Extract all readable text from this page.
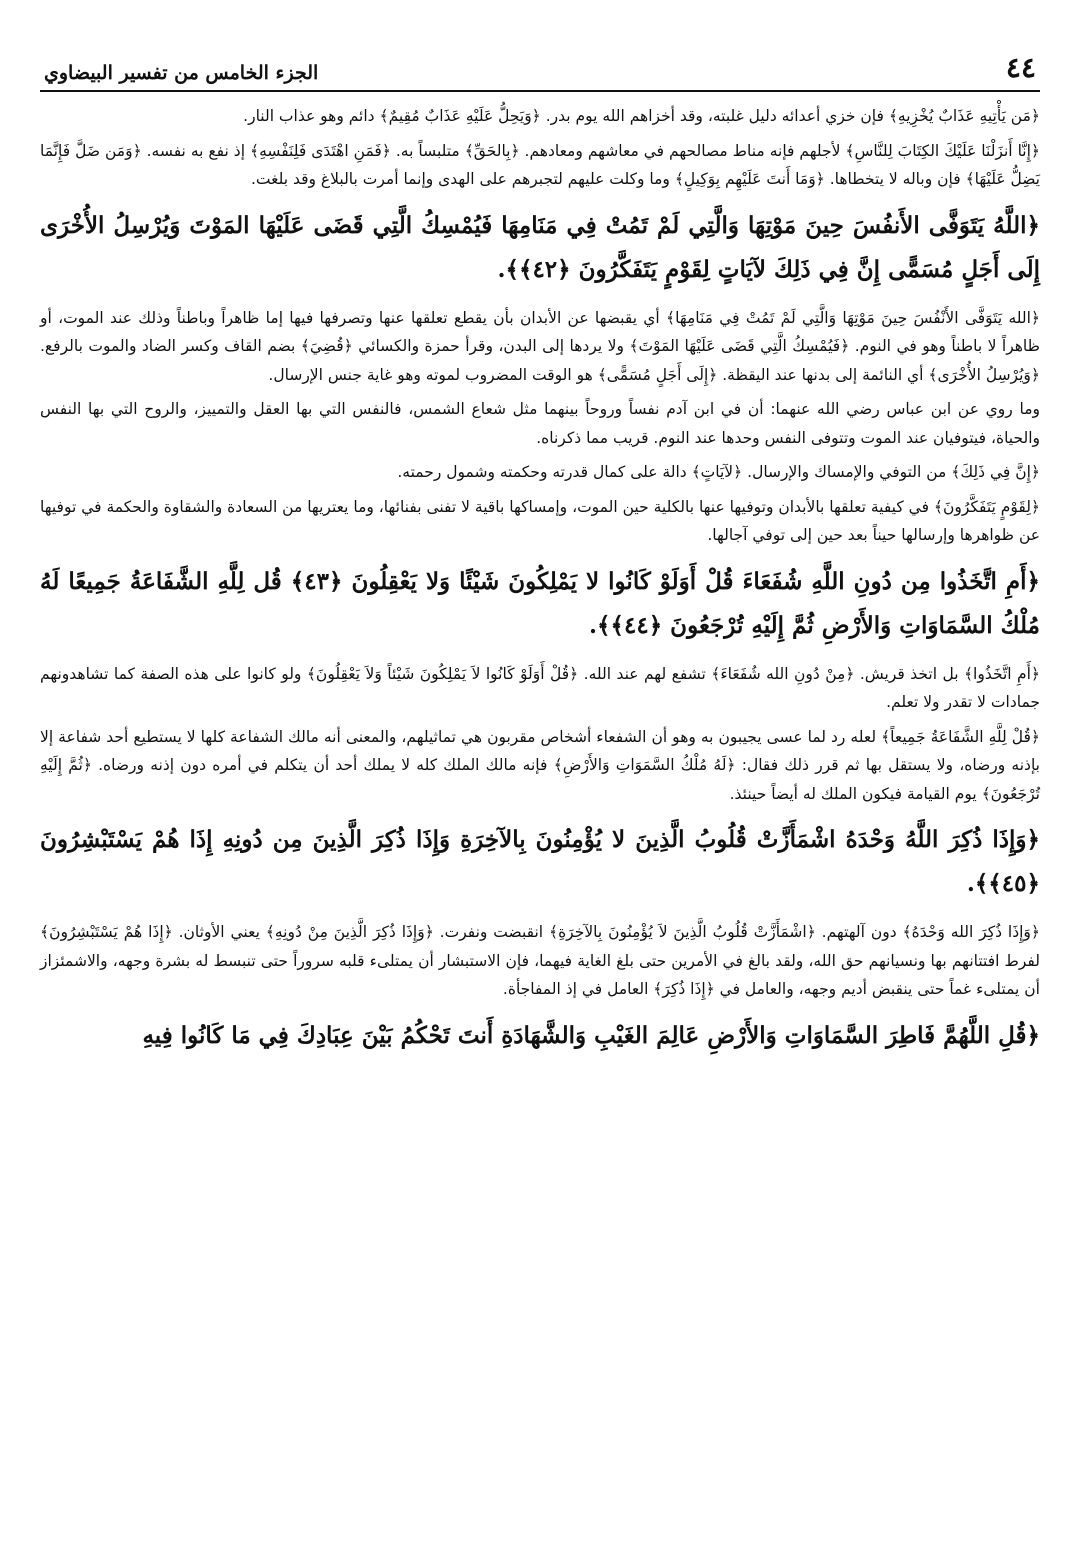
٤٤
الجزء الخامس من تفسير البيضاوي

﴿مَن يَأْتِيهِ عَذَابٌ يُخْزِيهِ﴾ فإن خزي أعدائه دليل غلبته، وقد أخزاهم الله يوم بدر. ﴿وَيَحِلُّ عَلَيْهِ عَذَابٌ مُقِيمٌ﴾ دائم وهو عذاب النار.

﴿إِنَّا أَنزَلْنَا عَلَيْكَ الكِتَابَ لِلنَّاسِ﴾ لأجلهم فإنه مناط مصالحهم في معاشهم ومعادهم. ﴿بِالحَقِّ﴾ متلبساً به. ﴿فَمَنِ اهْتَدَى فَلِنَفْسِهِ﴾ إذ نفع به نفسه. ﴿وَمَن ضَلَّ فَإِنَّمَا يَضِلُّ عَلَيْهَا﴾ فإن وباله لا يتخطاها. ﴿وَمَا أَنتَ عَلَيْهِم بِوَكِيلٍ﴾ وما وكلت عليهم لتجبرهم على الهدى وإنما أمرت بالبلاغ وقد بلغت.

﴿اللَّهُ يَتَوَفَّى الأَنفُسَ حِينَ مَوْتِهَا وَالَّتِي لَمْ تَمُتْ فِي مَنَامِهَا فَيُمْسِكُ الَّتِي قَضَى عَلَيْهَا المَوْتَ وَيُرْسِلُ الأُخْرَى إِلَى أَجَلٍ مُسَمًّى إِنَّ فِي ذَلِكَ لآيَاتٍ لِقَوْمٍ يَتَفَكَّرُونَ ﴿٤٢﴾﴾.

﴿الله يَتَوَفَّى الأَنْفُسَ حِينَ مَوْتِهَا وَالَّتِي لَمْ تَمُتْ فِي مَنَامِهَا﴾ أي يقبضها عن الأبدان بأن يقطع تعلقها عنها وتصرفها فيها إما ظاهراً وباطناً وذلك عند الموت، أو ظاهراً لا باطناً وهو في النوم. ﴿فَيُمْسِكُ الَّتِي قَضَى عَلَيْهَا المَوْتَ﴾ ولا يردها إلى البدن، وقرأ حمزة والكسائي ﴿قُضِيَ﴾ بضم القاف وكسر الضاد والموت بالرفع. ﴿وَيُرْسِلُ الأُخْرَى﴾ أي النائمة إلى بدنها عند اليقظة. ﴿إِلَى أَجَلٍ مُسَمًّى﴾ هو الوقت المضروب لموته وهو غاية جنس الإرسال.

وما روي عن ابن عباس رضي الله عنهما: أن في ابن آدم نفساً وروحاً بينهما مثل شعاع الشمس، فالنفس التي بها العقل والتمييز، والروح التي بها النفس والحياة، فيتوفيان عند الموت وتتوفى النفس وحدها عند النوم. قريب مما ذكرناه.

﴿إِنَّ فِي ذَلِكَ﴾ من التوفي والإمساك والإرسال. ﴿لآيَاتٍ﴾ دالة على كمال قدرته وحكمته وشمول رحمته.

﴿لِقَوْمٍ يَتَفَكَّرُونَ﴾ في كيفية تعلقها بالأبدان وتوفيها عنها بالكلية حين الموت، وإمساكها باقية لا تفنى بفنائها، وما يعتريها من السعادة والشقاوة والحكمة في توفيها عن ظواهرها وإرسالها حيناً بعد حين إلى توفي آجالها.

﴿أَمِ اتَّخَذُوا مِن دُونِ اللَّهِ شُفَعَاءَ قُلْ أَوَلَوْ كَانُوا لا يَمْلِكُونَ شَيْئًا وَلا يَعْقِلُونَ ﴿٤٣﴾ قُل لِلَّهِ الشَّفَاعَةُ جَمِيعًا لَهُ مُلْكُ السَّمَاوَاتِ وَالأَرْضِ ثُمَّ إِلَيْهِ تُرْجَعُونَ ﴿٤٤﴾﴾.

﴿أَمِ اتَّخَذُوا﴾ بل اتخذ قريش. ﴿مِنْ دُونِ الله شُفَعَاءَ﴾ تشفع لهم عند الله. ﴿قُلْ أَوَلَوْ كَانُوا لاَ يَمْلِكُونَ شَيْئاً وَلاَ يَعْقِلُونَ﴾ ولو كانوا على هذه الصفة كما تشاهدونهم جمادات لا تقدر ولا تعلم.

﴿قُلْ لِلَّهِ الشَّفَاعَةُ جَمِيعاً﴾ لعله رد لما عسى يجيبون به وهو أن الشفعاء أشخاص مقربون هي تماثيلهم، والمعنى أنه مالك الشفاعة كلها لا يستطيع أحد شفاعة إلا بإذنه ورضاه، ولا يستقل بها ثم قرر ذلك فقال: ﴿لَهُ مُلْكُ السَّمَوَاتِ وَالأَرْضِ﴾ فإنه مالك الملك كله لا يملك أحد أن يتكلم في أمره دون إذنه ورضاه. ﴿ثُمَّ إِلَيْهِ تُرْجَعُونَ﴾ يوم القيامة فيكون الملك له أيضاً حينئذ.

﴿وَإِذَا ذُكِرَ اللَّهُ وَحْدَهُ اشْمَأَزَّتْ قُلُوبُ الَّذِينَ لا يُؤْمِنُونَ بِالآخِرَةِ وَإِذَا ذُكِرَ الَّذِينَ مِن دُونِهِ إِذَا هُمْ يَسْتَبْشِرُونَ ﴿٤٥﴾﴾.

﴿وَإِذَا ذُكِرَ الله وَحْدَهُ﴾ دون آلهتهم. ﴿اشْمَأَزَّتْ قُلُوبُ الَّذِينَ لاَ يُؤْمِنُونَ بِالآخِرَةِ﴾ انقبضت ونفرت. ﴿وَإِذَا ذُكِرَ الَّذِينَ مِنْ دُونِهِ﴾ يعني الأوثان. ﴿إِذَا هُمْ يَسْتَبْشِرُونَ﴾ لفرط افتتانهم بها ونسيانهم حق الله، ولقد بالغ في الأمرين حتى بلغ الغاية فيهما، فإن الاستبشار أن يمتلىء قلبه سروراً حتى تنبسط له بشرة وجهه، والاشمئزاز أن يمتلىء غماً حتى ينقبض أديم وجهه، والعامل في ﴿إِذَا ذُكِرَ﴾ العامل في إذ المفاجأة.

﴿قُلِ اللَّهُمَّ فَاطِرَ السَّمَاوَاتِ وَالأَرْضِ عَالِمَ الغَيْبِ وَالشَّهَادَةِ أَنتَ تَحْكُمُ بَيْنَ عِبَادِكَ فِي مَا كَانُوا فِيهِ
